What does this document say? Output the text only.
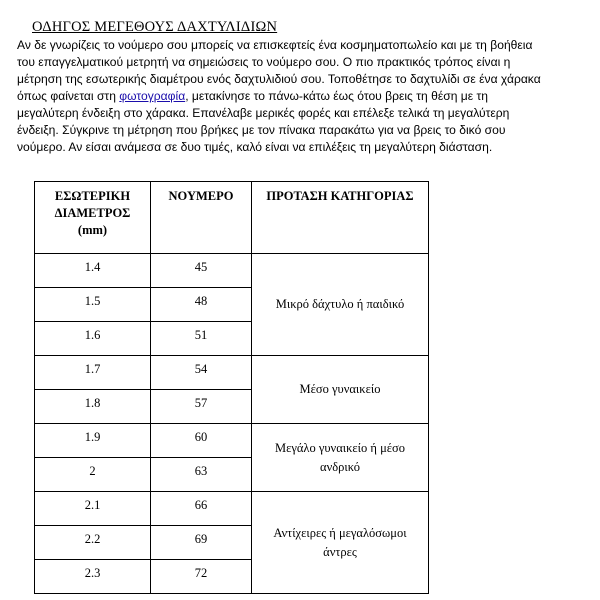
ΟΔΗΓΟΣ ΜΕΓΕΘΟΥΣ ΔΑΧΤΥΛΙΔΙΩΝ

Αν δε γνωρίζεις το νούμερο σου μπορείς να επισκεφτείς ένα κοσμηματοπωλείο και με τη βοήθεια
του επαγγελματικού μετρητή να σημειώσεις το νούμερο σου. Ο πιο πρακτικός τρόπος είναι η
μέτρηση της εσωτερικής διαμέτρου ενός δαχτυλιδιού σου. Τοποθέτησε το δαχτυλίδι σε ένα χάρακα
όπως φαίνεται στη φωτογραφία, μετακίνησε το πάνω-κάτω έως ότου βρεις τη θέση με τη
μεγαλύτερη ένδειξη στο χάρακα. Επανέλαβε μερικές φορές και επέλεξε τελικά τη μεγαλύτερη
ένδειξη. Σύγκρινε τη μέτρηση που βρήκες με τον πίνακα παρακάτω για να βρεις το δικό σου
νούμερο. Αν είσαι ανάμεσα σε δυο τιμές, καλό είναι να επιλέξεις τη μεγαλύτερη διάσταση.

ΕΣΩΤΕΡΙΚΗ
ΔΙΑΜΕΤΡΟΣ
(mm)	ΝΟΥΜΕΡΟ	ΠΡΟΤΑΣΗ ΚΑΤΗΓΟΡΙΑΣ
1.4	45	Μικρό δάχτυλο ή παιδικό
1.5	48	
1.6	51	
1.7	54	Μέσο γυναικείο
1.8	57	
1.9	60	Μεγάλο γυναικείο ή μέσο ανδρικό
2	63	
2.1	66	Αντίχειρες ή μεγαλόσωμοι άντρες
2.2	69	
2.3	72	
